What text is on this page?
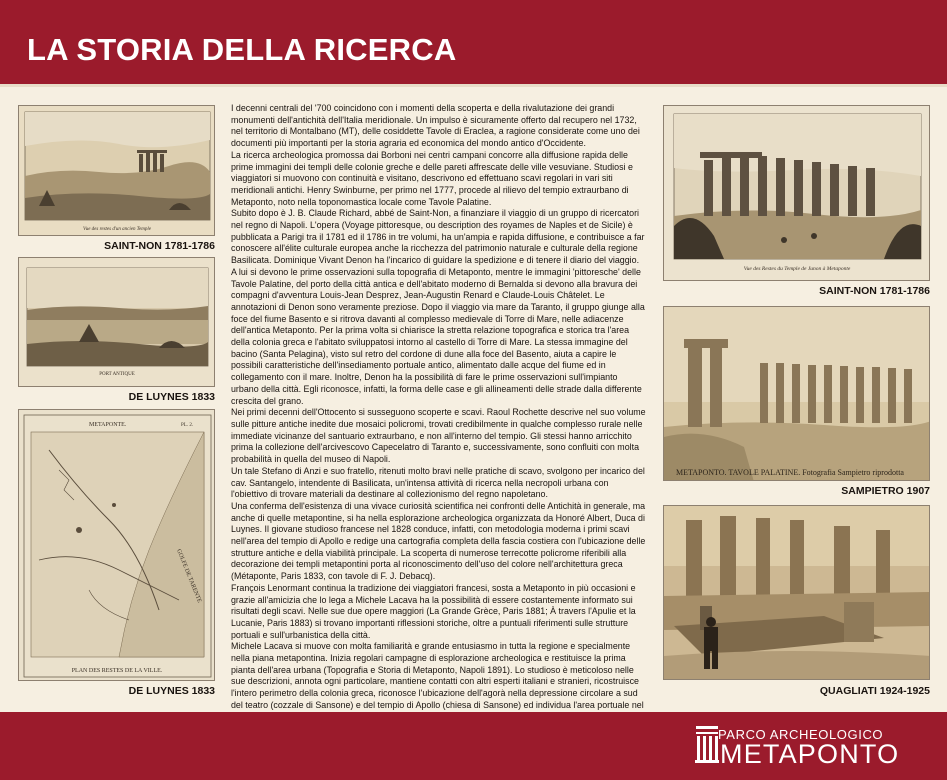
LA STORIA DELLA RICERCA
Vue des restes d'un ancien Temple
SAINT-NON 1781-1786
PORT ANTIQUE
DE LUYNES 1833
METAPONTE.	PL. 2.
GOLFE DE TARENTE
PLAN DES RESTES DE LA VILLE.
DE LUYNES 1833

I decenni centrali del '700 coincidono con i momenti della scoperta e della rivalutazione dei grandi monumenti dell'antichità dell'Italia meridionale. Un impulso è sicuramente offerto dal recupero nel 1732, nel territorio di Montalbano (MT), delle cosiddette Tavole di Eraclea, a ragione considerate come uno dei documenti più importanti per la storia agraria ed economica del mondo antico d'Occidente.

La ricerca archeologica promossa dai Borboni nei centri campani concorre alla diffusione rapida delle prime immagini dei templi delle colonie greche e delle pareti affrescate delle ville vesuviane. Studiosi e viaggiatori si muovono con continuità e visitano, descrivono ed effettuano scavi regolari in vari siti meridionali antichi. Henry Swinburne, per primo nel 1777, procede al rilievo del tempio extraurbano di Metaponto, noto nella toponomastica locale come Tavole Palatine.

Subito dopo è J. B. Claude Richard, abbé de Saint-Non, a finanziare il viaggio di un gruppo di ricercatori nel regno di Napoli. L'opera (Voyage pittoresque, ou description des royames de Naples et de Sicile) è pubblicata a Parigi tra il 1781 ed il 1786 in tre volumi, ha un'ampia e rapida diffusione, e contribuisce a far conoscere all'élite culturale europea anche la ricchezza del patrimonio naturale e culturale della regione Basilicata. Dominique Vivant Denon ha l'incarico di guidare la spedizione e di tenere il diario del viaggio.

A lui si devono le prime osservazioni sulla topografia di Metaponto, mentre le immagini 'pittoresche' delle Tavole Palatine, del porto della città antica e dell'abitato moderno di Bernalda si devono alla bravura dei compagni d'avventura Louis-Jean Desprez, Jean-Augustin Renard e Claude-Louis Châtelet. Le annotazioni di Denon sono veramente preziose. Dopo il viaggio via mare da Taranto, il gruppo giunge alla foce del fiume Basento e si ritrova davanti al complesso medievale di Torre di Mare, nelle adiacenze dell'antica Metaponto. Per la prima volta si chiarisce la stretta relazione topografica e storica tra l'area della colonia greca e l'abitato sviluppatosi intorno al castello di Torre di Mare. La stessa immagine del bacino (Santa Pelagina), visto sul retro del cordone di dune alla foce del Basento, aiuta a capire le possibili caratteristiche dell'insediamento portuale antico, alimentato dalle acque del fiume ed in collegamento con il mare. Inoltre, Denon ha la possibilità di fare le prime osservazioni sull'impianto urbano della città. Egli riconosce, infatti, la forma delle case e gli allineamenti delle strade dalla differente crescita del grano.

Nei primi decenni dell'Ottocento si susseguono scoperte e scavi. Raoul Rochette descrive nel suo volume sulle pitture antiche inedite due mosaici policromi, trovati credibilmente in qualche complesso rurale nelle immediate vicinanze del santuario extraurbano, e non all'interno del tempio. Gli stessi hanno arricchito prima la collezione dell'arcivescovo Capecelatro di Taranto e, successivamente, sono confluiti con molta probabilità in quella del museo di Napoli.

Un tale Stefano di Anzi e suo fratello, ritenuti molto bravi nelle pratiche di scavo, svolgono per incarico del cav. Santangelo, intendente di Basilicata, un'intensa attività di ricerca nella necropoli urbana con l'obiettivo di trovare materiali da destinare al collezionismo del regno napoletano.

Una conferma dell'esistenza di una vivace curiosità scientifica nei confronti delle Antichità in generale, ma anche di quelle metapontine, si ha nella esplorazione archeologica organizzata da Honoré Albert, Duca di Luynes. Il giovane studioso francese nel 1828 conduce, infatti, con metodologia moderna i primi scavi nell'area del tempio di Apollo e redige una cartografia completa della fascia costiera con l'ubicazione delle strutture antiche e della viabilità principale. La scoperta di numerose terrecotte policrome riferibili alla decorazione dei templi metapontini porta al riconoscimento dell'uso del colore nell'architettura greca (Métaponte, Paris 1833, con tavole di F. J. Debacq).

François Lenormant continua la tradizione dei viaggiatori francesi, sosta a Metaponto in più occasioni e grazie all'amicizia che lo lega a Michele Lacava ha la possibilità di essere costantemente informato sui risultati degli scavi. Nelle sue due opere maggiori (La Grande Grèce, Paris 1881; À travers l'Apulie et la Lucanie, Paris 1883) si trovano importanti riflessioni storiche, oltre a puntuali riferimenti sulle strutture portuali e sull'urbanistica della città.

Michele Lacava si muove con molta familiarità e grande entusiasmo in tutta la regione e specialmente nella piana metapontina. Inizia regolari campagne di esplorazione archeologica e restituisce la prima pianta dell'area urbana (Topografia e Storia di Metaponto, Napoli 1891). Lo studioso è meticoloso nelle sue descrizioni, annota ogni particolare, mantiene contatti con altri esperti italiani e stranieri, ricostruisce l'intero perimetro della colonia greca, riconosce l'ubicazione dell'agorà nella depressione circolare a sud del teatro (cozzale di Sansone) e del tempio di Apollo (chiesa di Sansone) ed individua l'area portuale nel

Vue des Restes du Temple de Junon à Metaponte
SAINT-NON 1781-1786
METAPONTO. TAVOLE PALATINE. Fotografia Sampietro riprodotta
SAMPIETRO 1907
QUAGLIATI 1924-1925
PARCO ARCHEOLOGICO
METAPONTO
